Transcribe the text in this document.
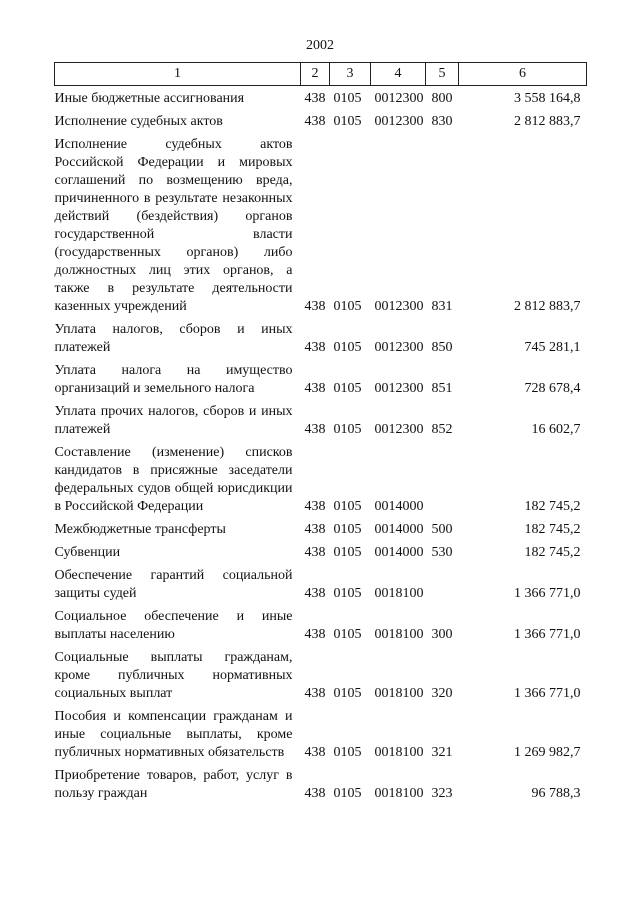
2002
1	2	3	4	5	6
Иные бюджетные ассигнования	438	0105	0012300	800	3 558 164,8
Исполнение судебных актов	438	0105	0012300	830	2 812 883,7
Исполнение судебных актов Российской Федерации и мировых соглашений по возмещению вреда, причиненного в результате незаконных действий (бездействия) органов государственной власти (государственных органов) либо должностных лиц этих органов, а также в результате деятельности казенных учреждений	438	0105	0012300	831	2 812 883,7
Уплата налогов, сборов и иных платежей	438	0105	0012300	850	745 281,1
Уплата налога на имущество организаций и земельного налога	438	0105	0012300	851	728 678,4
Уплата прочих налогов, сборов и иных платежей	438	0105	0012300	852	16 602,7
Составление (изменение) списков кандидатов в присяжные заседатели федеральных судов общей юрисдикции в Российской Федерации	438	0105	0014000		182 745,2
Межбюджетные трансферты	438	0105	0014000	500	182 745,2
Субвенции	438	0105	0014000	530	182 745,2
Обеспечение гарантий социальной защиты судей	438	0105	0018100		1 366 771,0
Социальное обеспечение и иные выплаты населению	438	0105	0018100	300	1 366 771,0
Социальные выплаты гражданам, кроме публичных нормативных социальных выплат	438	0105	0018100	320	1 366 771,0
Пособия и компенсации гражданам и иные социальные выплаты, кроме публичных нормативных обязательств	438	0105	0018100	321	1 269 982,7
Приобретение товаров, работ, услуг в пользу граждан	438	0105	0018100	323	96 788,3
